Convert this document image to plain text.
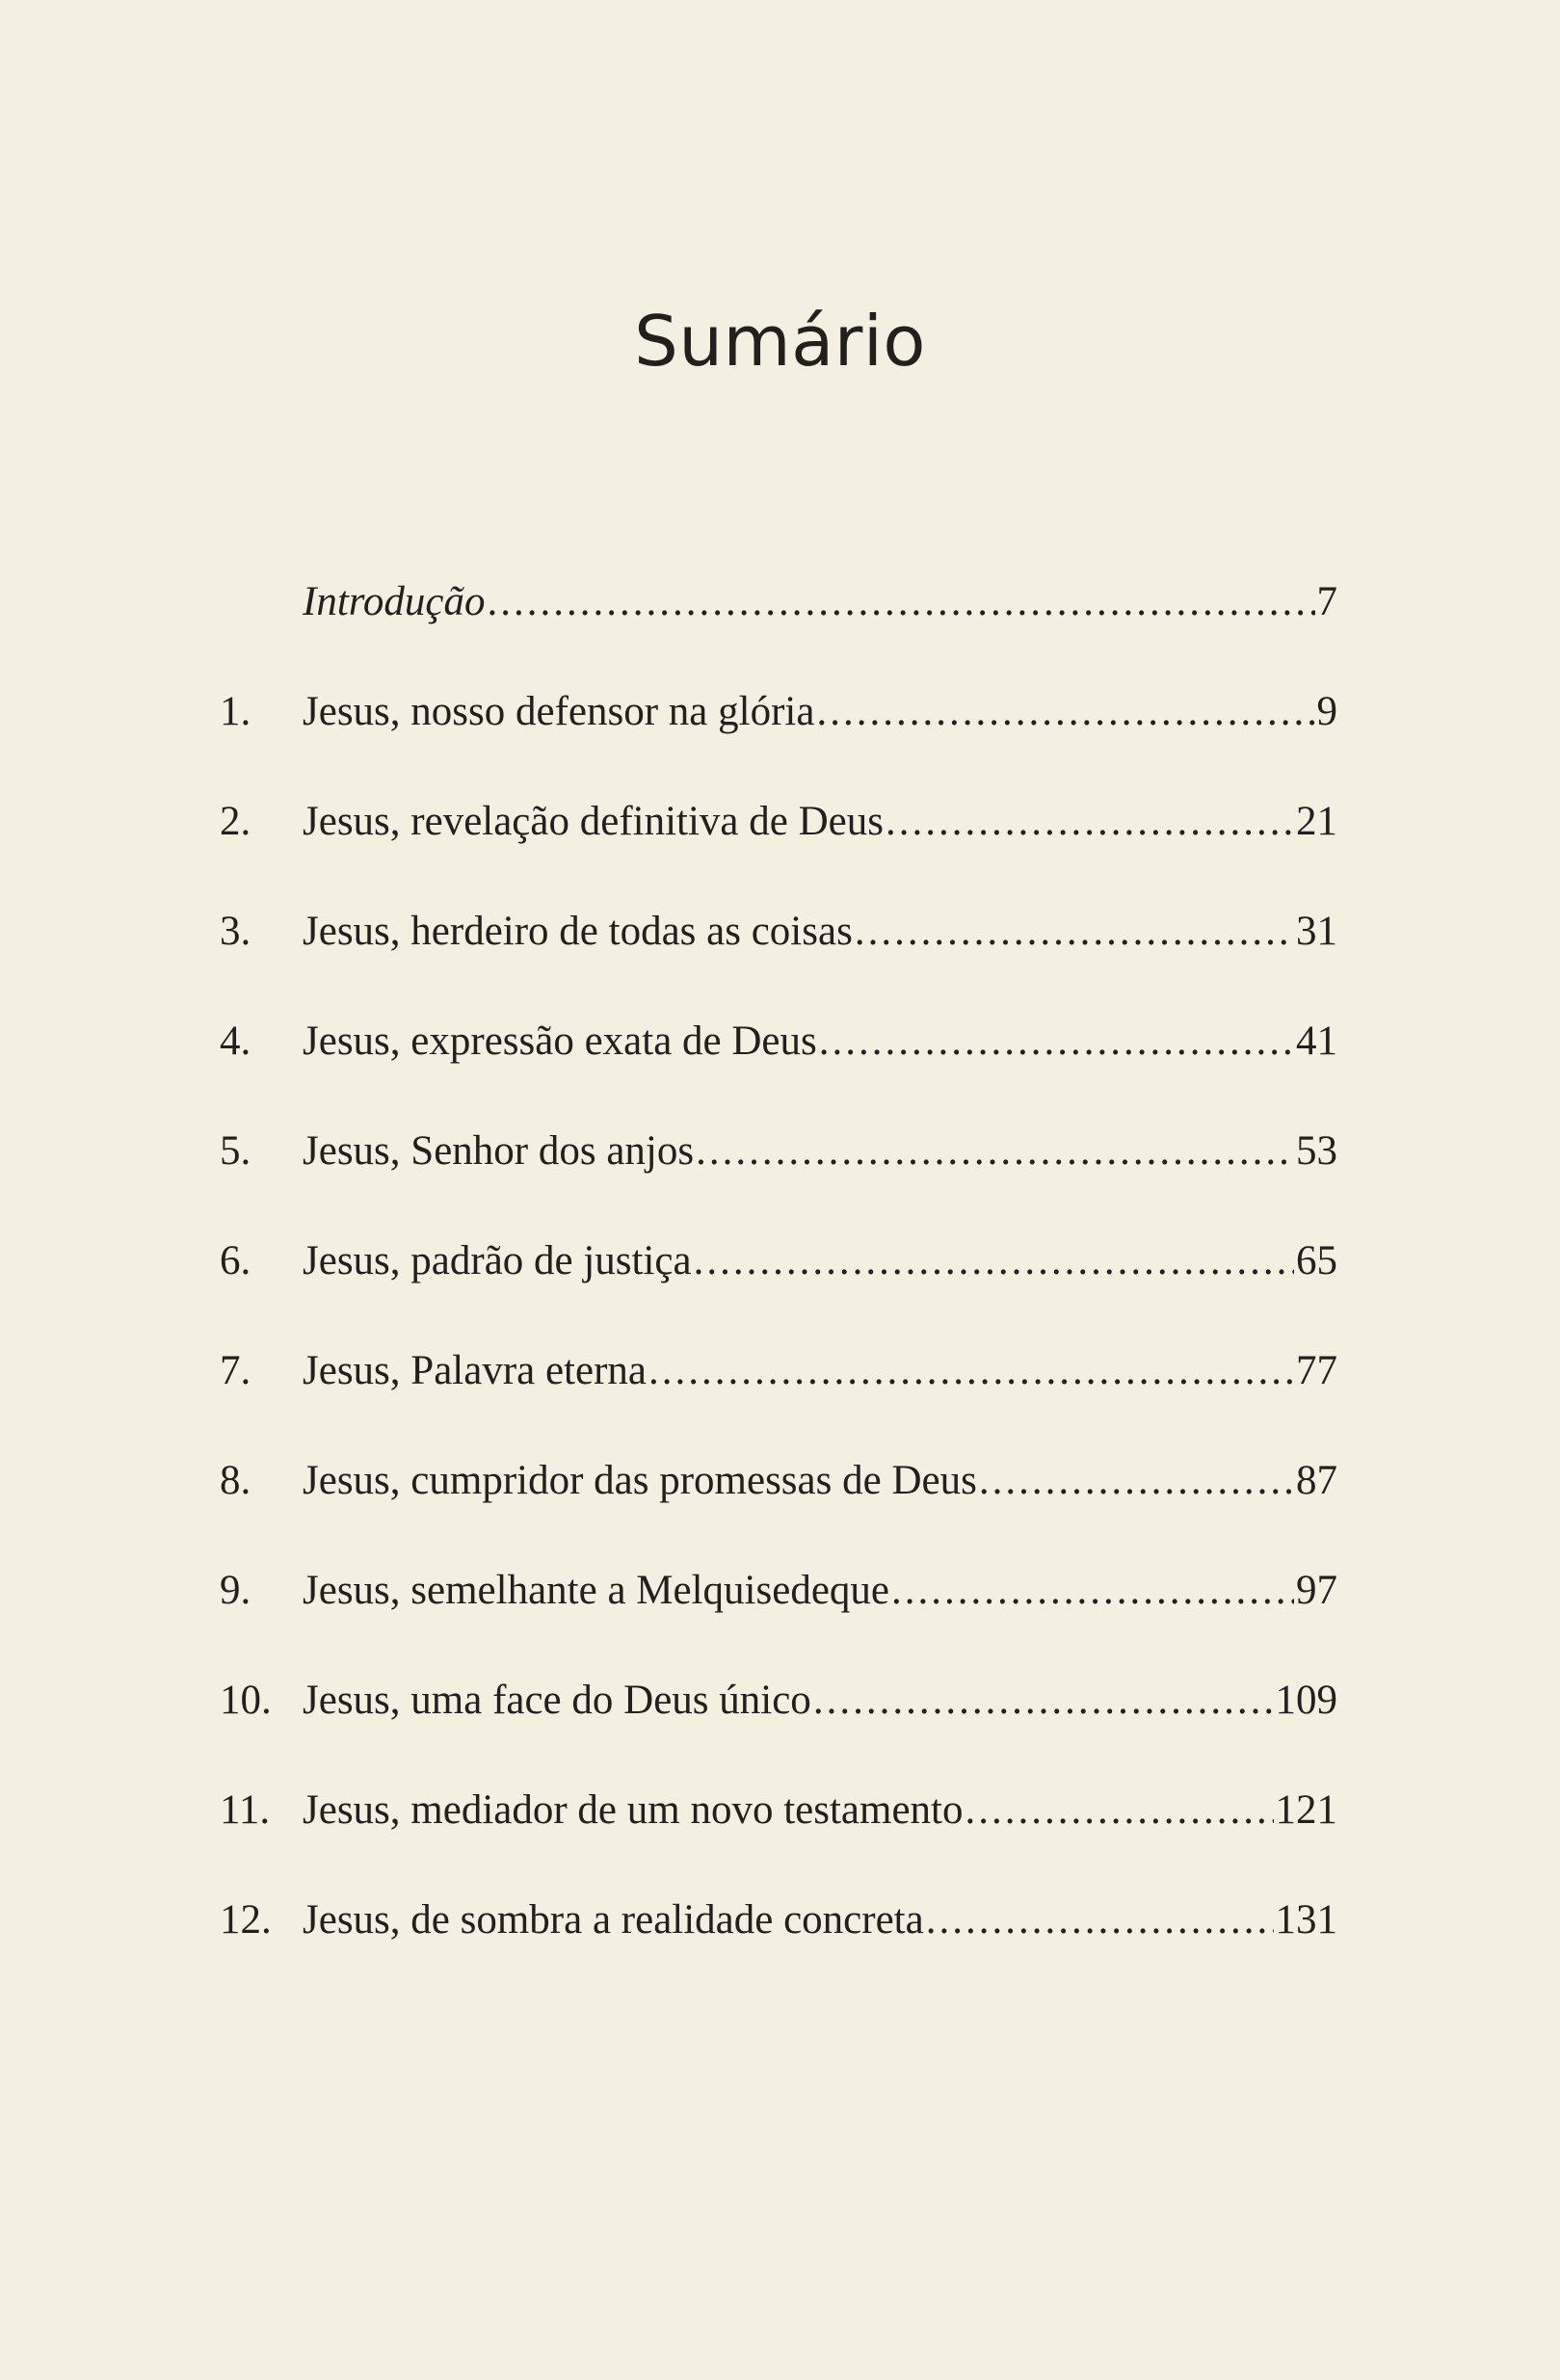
Sumário
Introdução .....	7
1.	Jesus, nosso defensor na glória .....	9
2.	Jesus, revelação definitiva de Deus .....	21
3.	Jesus, herdeiro de todas as coisas .....	31
4.	Jesus, expressão exata de Deus .....	41
5.	Jesus, Senhor dos anjos .....	53
6.	Jesus, padrão de justiça .....	65
7.	Jesus, Palavra eterna .....	77
8.	Jesus, cumpridor das promessas de Deus .....	87
9.	Jesus, semelhante a Melquisedeque .....	97
10. Jesus, uma face do Deus único .....	109
11. Jesus, mediador de um novo testamento .....	121
12. Jesus, de sombra a realidade concreta .....	131
